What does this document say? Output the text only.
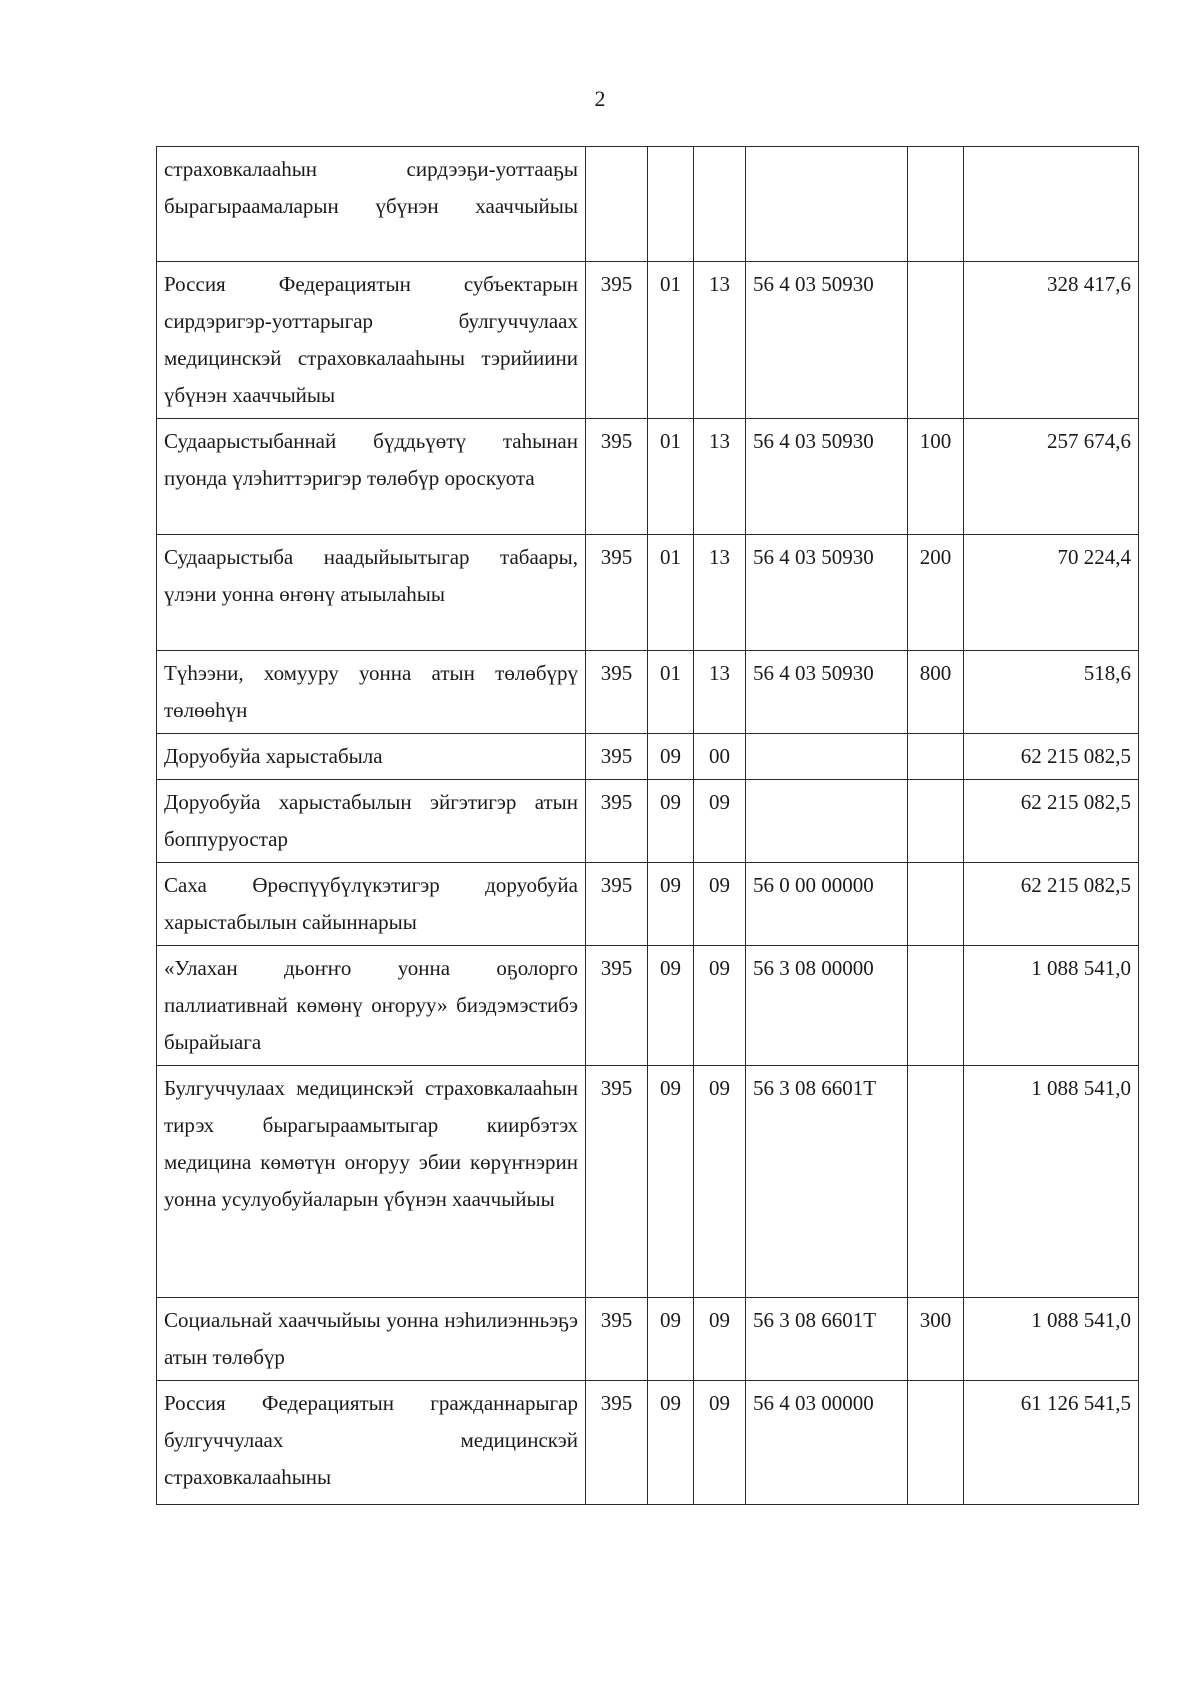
2
страховкалааһын сирдээҕи-уоттааҕы бырагыраамаларын үбүнэн хааччыйыы						
Россия Федерациятын субъектарын сирдэригэр-уоттарыгар булгуччулаах медицинскэй страховкалааһыны тэрийиини үбүнэн хааччыйыы	395	01	13	56 4 03 50930		328 417,6
Судаарыстыбаннай бүддьүөтү таһынан пуонда үлэһиттэригэр төлөбүр ороскуота	395	01	13	56 4 03 50930	100	257 674,6
Судаарыстыба наадыйыытыгар табаары, үлэни уонна өҥөнү атыылаһыы	395	01	13	56 4 03 50930	200	70 224,4
Түһээни, хомууру уонна атын төлөбүрү төлөөһүн	395	01	13	56 4 03 50930	800	518,6
Доруобуйа харыстабыла	395	09	00			62 215 082,5
Доруобуйа харыстабылын эйгэтигэр атын боппуруостар	395	09	09			62 215 082,5
Саха Өрөспүүбүлүкэтигэр доруобуйа харыстабылын сайыннарыы	395	09	09	56 0 00 00000		62 215 082,5
«Улахан дьоҥҥо уонна оҕолорго паллиативнай көмөнү оҥоруу» биэдэмэстибэ бырайыага	395	09	09	56 3 08 00000		1 088 541,0
Булгуччулаах медицинскэй страховкалааһын тирэх бырагыраамытыгар киирбэтэх медицина көмөтүн оҥоруу эбии көрүҥнэрин уонна усулуобуйаларын үбүнэн хааччыйыы	395	09	09	56 3 08 6601Т		1 088 541,0
Социальнай хааччыйыы уонна нэһилиэнньэҕэ атын төлөбүр	395	09	09	56 3 08 6601Т	300	1 088 541,0
Россия Федерациятын гражданнарыгар булгуччулаах медицинскэй страховкалааһыны	395	09	09	56 4 03 00000		61 126 541,5
